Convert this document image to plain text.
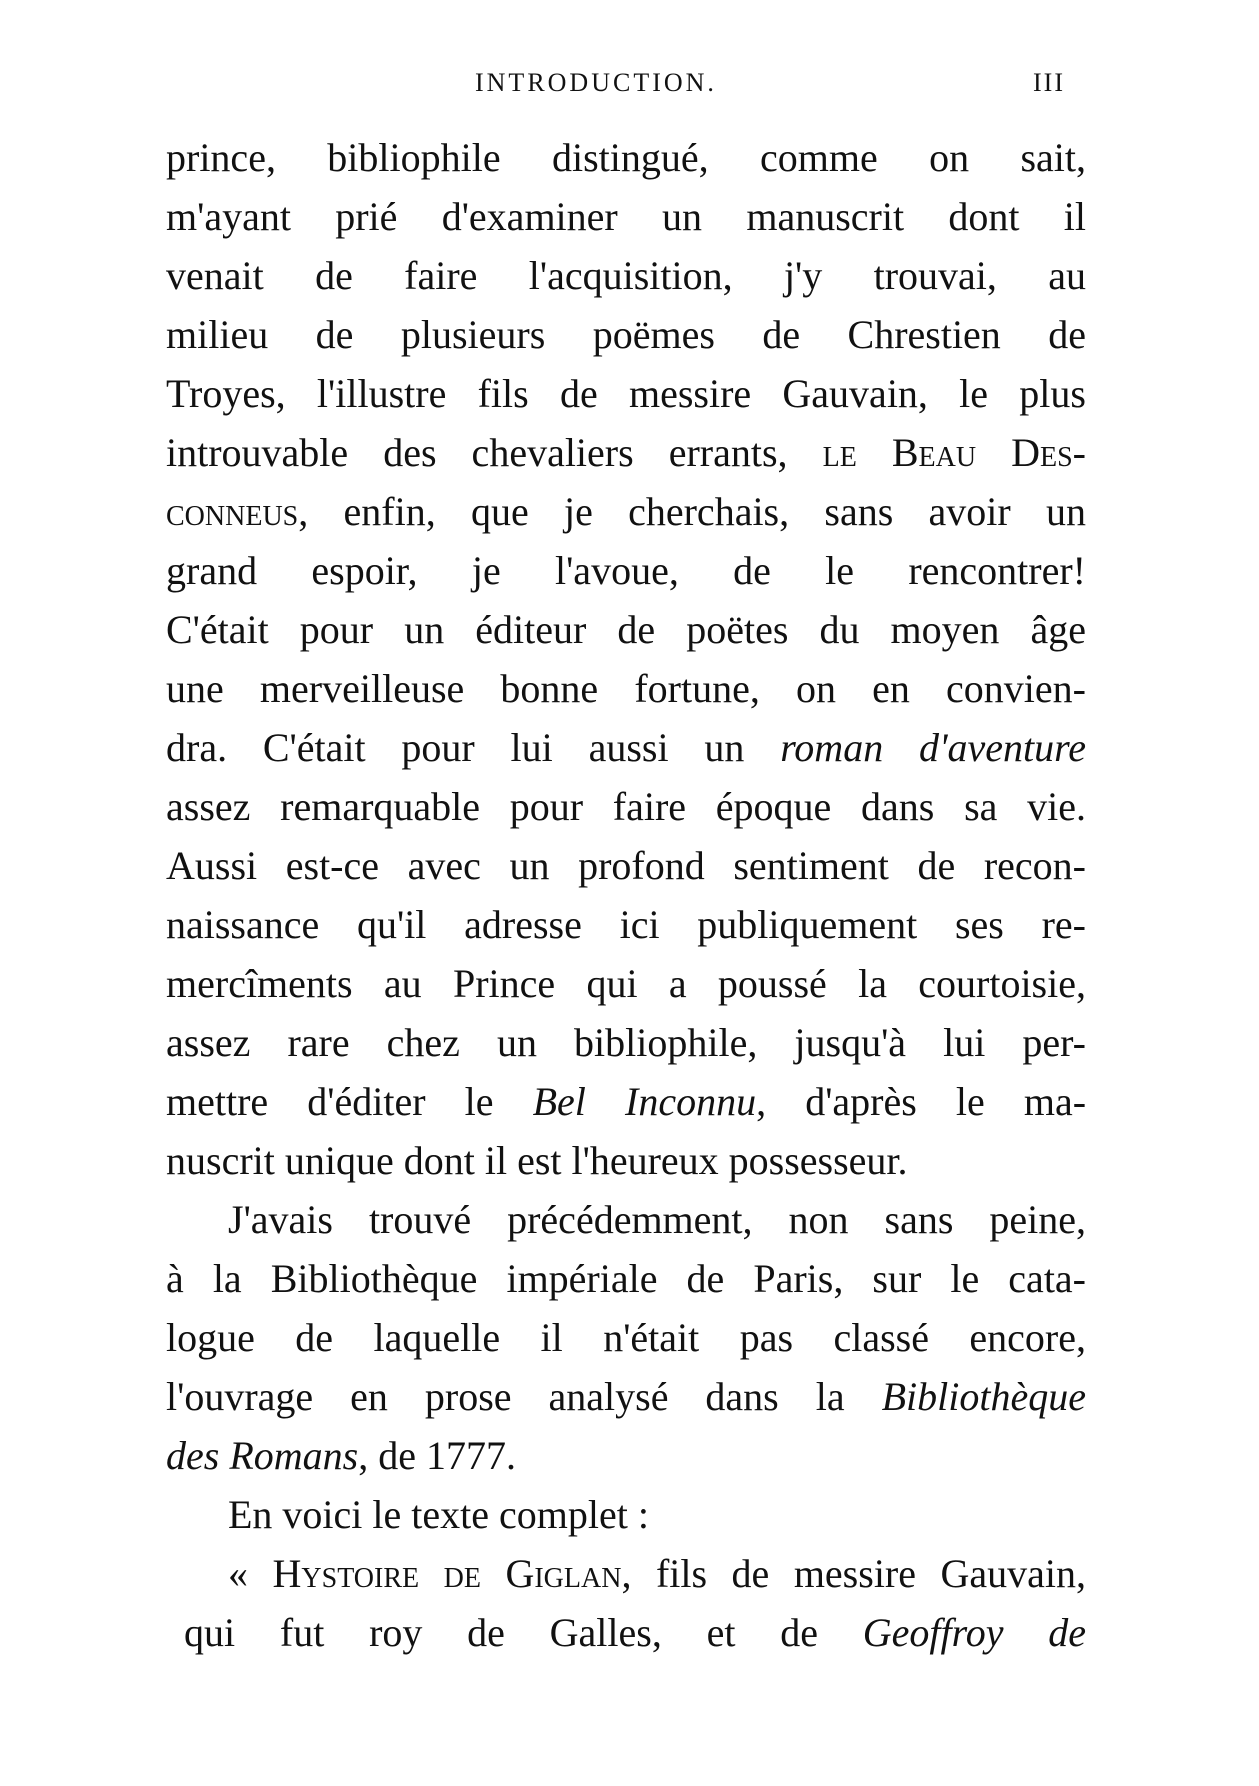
INTRODUCTION.	III
prince, bibliophile distingué, comme on sait,
m'ayant prié d'examiner un manuscrit dont il
venait de faire l'acquisition, j'y trouvai, au
milieu de plusieurs poëmes de Chrestien de
Troyes, l'illustre fils de messire Gauvain, le plus
introuvable des chevaliers errants, le Beau Des-
conneus, enfin, que je cherchais, sans avoir un
grand espoir, je l'avoue, de le rencontrer!
C'était pour un éditeur de poëtes du moyen âge
une merveilleuse bonne fortune, on en convien-
dra. C'était pour lui aussi un roman d'aventure
assez remarquable pour faire époque dans sa vie.
Aussi est-ce avec un profond sentiment de recon-
naissance qu'il adresse ici publiquement ses re-
mercîments au Prince qui a poussé la courtoisie,
assez rare chez un bibliophile, jusqu'à lui per-
mettre d'éditer le Bel Inconnu, d'après le ma-
nuscrit unique dont il est l'heureux possesseur.
J'avais trouvé précédemment, non sans peine,
à la Bibliothèque impériale de Paris, sur le cata-
logue de laquelle il n'était pas classé encore,
l'ouvrage en prose analysé dans la Bibliothèque
des Romans, de 1777.
En voici le texte complet :
« Hystoire de Giglan, fils de messire Gauvain,
qui fut roy de Galles, et de Geoffroy de
